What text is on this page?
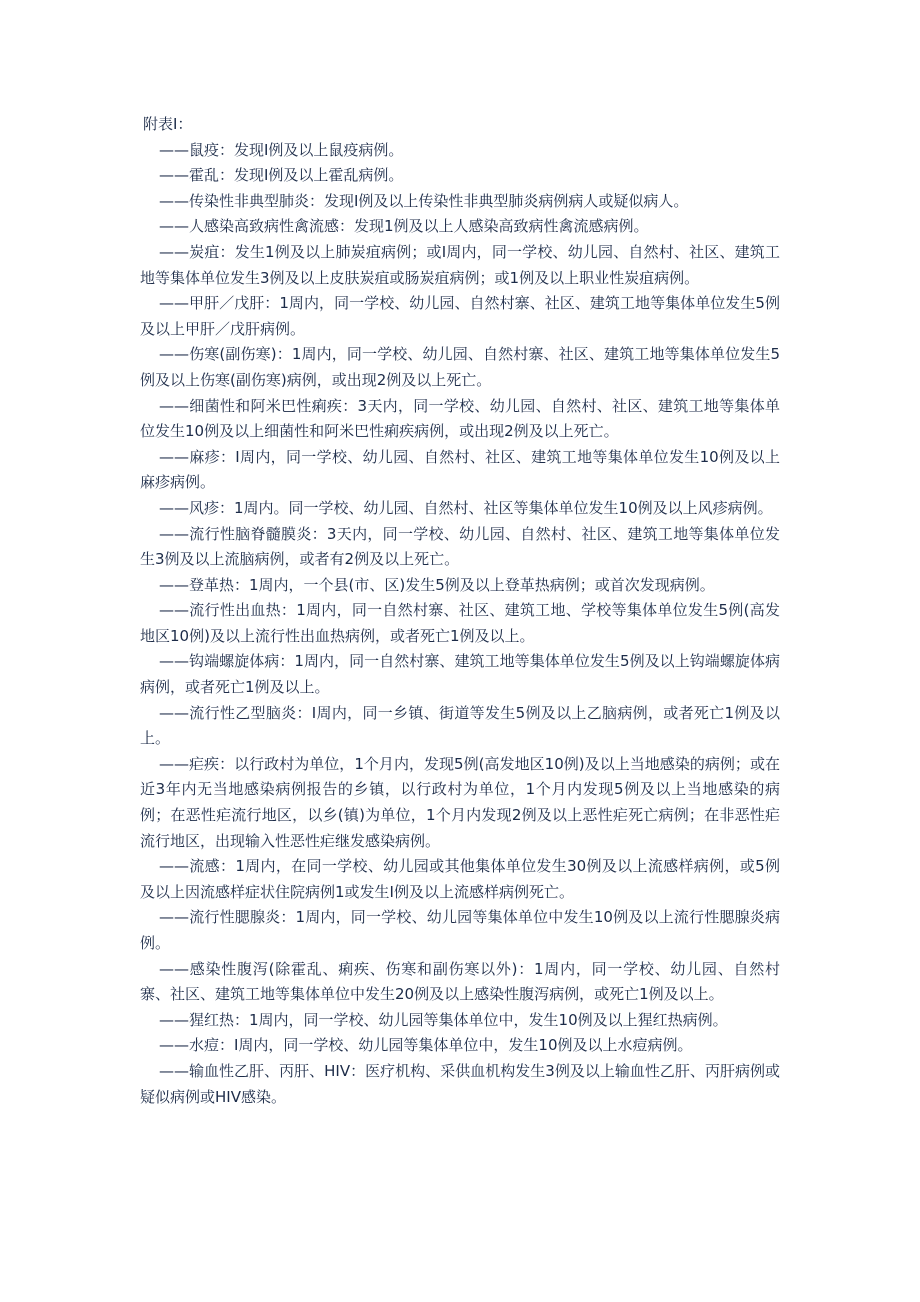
附表Ⅰ：

——鼠疫：发现Ⅰ例及以上鼠疫病例。

——霍乱：发现Ⅰ例及以上霍乱病例。

——传染性非典型肺炎：发现Ⅰ例及以上传染性非典型肺炎病例病人或疑似病人。

——人感染高致病性禽流感：发现1例及以上人感染高致病性禽流感病例。

——炭疽：发生1例及以上肺炭疽病例；或Ⅰ周内，同一学校、幼儿园、自然村、社区、建筑工地等集体单位发生3例及以上皮肤炭疽或肠炭疽病例；或1例及以上职业性炭疽病例。

——甲肝／戊肝：1周内，同一学校、幼儿园、自然村寨、社区、建筑工地等集体单位发生5例及以上甲肝／戊肝病例。

——伤寒(副伤寒)：1周内，同一学校、幼儿园、自然村寨、社区、建筑工地等集体单位发生5例及以上伤寒(副伤寒)病例，或出现2例及以上死亡。

——细菌性和阿米巴性痢疾：3天内，同一学校、幼儿园、自然村、社区、建筑工地等集体单位发生10例及以上细菌性和阿米巴性痢疾病例，或出现2例及以上死亡。

——麻疹：Ⅰ周内，同一学校、幼儿园、自然村、社区、建筑工地等集体单位发生10例及以上麻疹病例。

——风疹：1周内。同一学校、幼儿园、自然村、社区等集体单位发生10例及以上风疹病例。

——流行性脑脊髓膜炎：3天内，同一学校、幼儿园、自然村、社区、建筑工地等集体单位发生3例及以上流脑病例，或者有2例及以上死亡。

——登革热：1周内，一个县(市、区)发生5例及以上登革热病例；或首次发现病例。

——流行性出血热：1周内，同一自然村寨、社区、建筑工地、学校等集体单位发生5例(高发地区10例)及以上流行性出血热病例，或者死亡1例及以上。

——钩端螺旋体病：1周内，同一自然村寨、建筑工地等集体单位发生5例及以上钩端螺旋体病病例，或者死亡1例及以上。

——流行性乙型脑炎：Ⅰ周内，同一乡镇、街道等发生5例及以上乙脑病例，或者死亡1例及以上。

——疟疾：以行政村为单位，1个月内，发现5例(高发地区10例)及以上当地感染的病例；或在近3年内无当地感染病例报告的乡镇，以行政村为单位，1个月内发现5例及以上当地感染的病例；在恶性疟流行地区，以乡(镇)为单位，1个月内发现2例及以上恶性疟死亡病例；在非恶性疟流行地区，出现输入性恶性疟继发感染病例。

——流感：1周内，在同一学校、幼儿园或其他集体单位发生30例及以上流感样病例，或5例及以上因流感样症状住院病例1或发生Ⅰ例及以上流感样病例死亡。

——流行性腮腺炎：1周内，同一学校、幼儿园等集体单位中发生10例及以上流行性腮腺炎病例。

——感染性腹泻(除霍乱、痢疾、伤寒和副伤寒以外)：1周内，同一学校、幼儿园、自然村寨、社区、建筑工地等集体单位中发生20例及以上感染性腹泻病例，或死亡1例及以上。

——猩红热：1周内，同一学校、幼儿园等集体单位中，发生10例及以上猩红热病例。

——水痘：Ⅰ周内，同一学校、幼儿园等集体单位中，发生10例及以上水痘病例。

——输血性乙肝、丙肝、HIV：医疗机构、采供血机构发生3例及以上输血性乙肝、丙肝病例或疑似病例或HIV感染。
